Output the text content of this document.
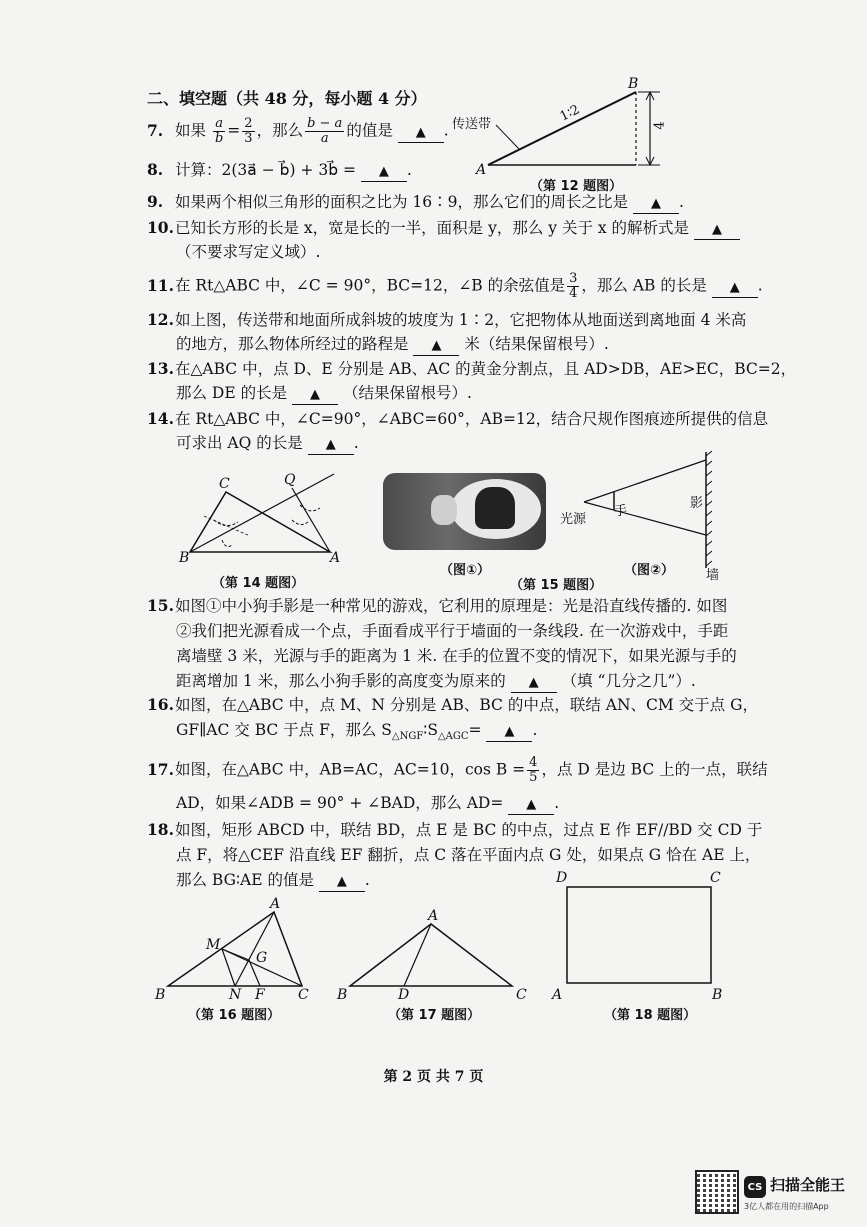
二、填空题（共 48 分，每小题 4 分）
7. 如果 $\frac{a}{b} = \frac{2}{3}$ ，那么 $\frac{b - a}{a}$ 的值是 ▲ .
8. 计算：2(3a⃗ − b⃗) + 3b⃗ = ▲ .
9. 如果两个相似三角形的面积之比为 16∶9，那么它们的周长之比是 ▲ .
10.已知长方形的长是 x，宽是长的一半，面积是 y，那么 y 关于 x 的解析式是 ▲
（不要求写定义域）.
11.在 Rt△ABC 中，∠C = 90°，BC=12，∠B 的余弦值是 $\frac{3}{4}$ ，那么 AB 的长是 ▲ .
12.如上图，传送带和地面所成斜坡的坡度为 1∶2，它把物体从地面送到离地面 4 米高
的地方，那么物体所经过的路程是 ▲ 米（结果保留根号）.
13.在△ABC 中，点 D、E 分别是 AB、AC 的黄金分割点，且 AD>DB，AE>EC，BC=2，
那么 DE 的长是 ▲ （结果保留根号）.
14.在 Rt△ABC 中，∠C=90°，∠ABC=60°，AB=12，结合尺规作图痕迹所提供的信息
可求出 AQ 的长是 ▲ .
15.如图①中小狗手影是一种常见的游戏，它利用的原理是：光是沿直线传播的. 如图
②我们把光源看成一个点，手面看成平行于墙面的一条线段. 在一次游戏中，手距
离墙壁 3 米，光源与手的距离为 1 米. 在手的位置不变的情况下，如果光源与手的
距离增加 1 米，那么小狗手影的高度变为原来的 ▲ （填 “几分之几”）.
16.如图，在△ABC 中，点 M、N 分别是 AB、BC 的中点，联结 AN、CM 交于点 G，
GF∥AC 交 BC 于点 F，那么 $S_{\triangle NGF}∶S_{\triangle AGC}=$ ▲ .
17.如图，在△ABC 中，AB=AC，AC=10，$\cos B = \frac{4}{5}$ ，点 D 是边 BC 上的一点，联结
AD，如果∠ADB = 90° + ∠BAD，那么 AD= ▲ .
18.如图，矩形 ABCD 中，联结 BD，点 E 是 BC 的中点，过点 E 作 EF//BD 交 CD 于
点 F，将△CEF 沿直线 EF 翻折，点 C 落在平面内点 G 处，如果点 G 恰在 AE 上，
那么 BG∶AE 的值是 ▲ .
传送带	1∶2
4
A
B
（第 12 题图）
C	Q
B	A
（第 14 题图）
光源
手
影
墙
（图①）
（第 15 题图）
（图②）
A
M
G
B	N F C
（第 16 题图）
A
B	D	C
（第 17 题图）
D	C
A	B
（第 18 题图）
第 2 页 共 7 页
CS 扫描全能王
3亿人都在用的扫描App
